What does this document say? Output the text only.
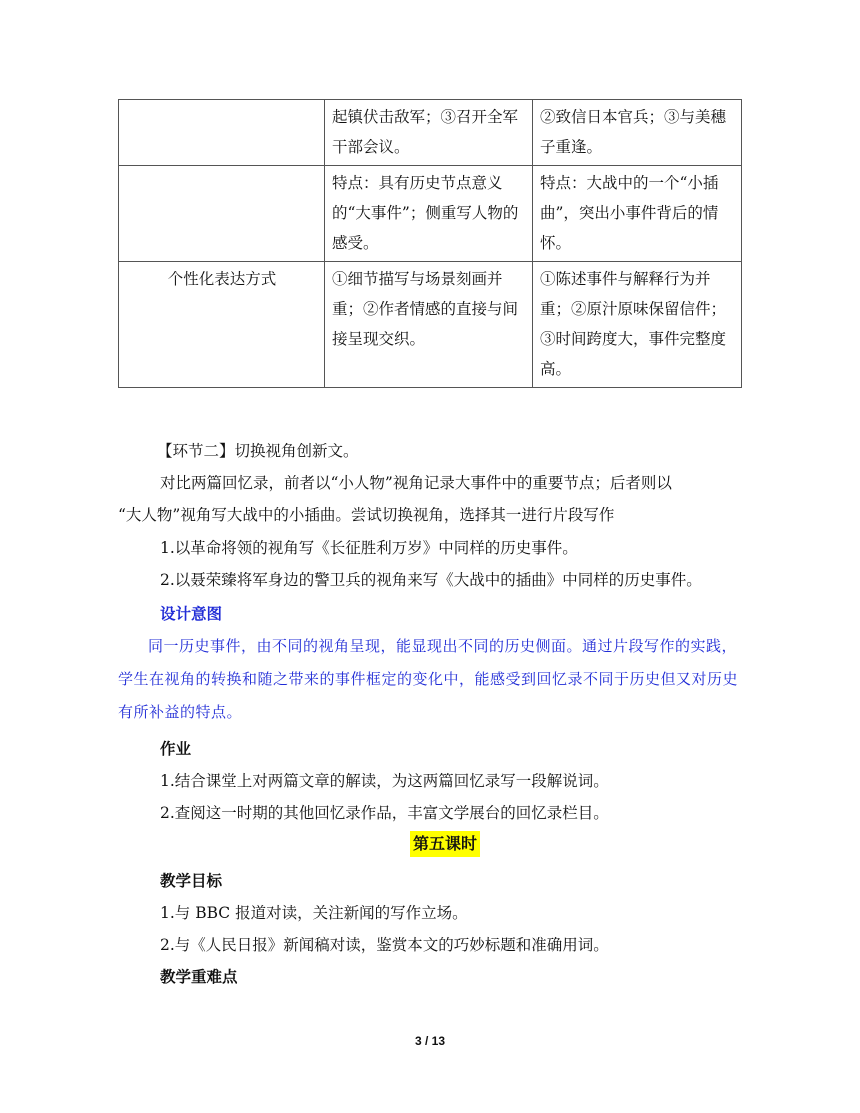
	起镇伏击敌军；③召开全军干部会议。	②致信日本官兵；③与美穗子重逢。
	特点：具有历史节点意义的“大事件”；侧重写人物的感受。	特点：大战中的一个“小插曲”，突出小事件背后的情怀。
个性化表达方式	①细节描写与场景刻画并重；②作者情感的直接与间接呈现交织。	①陈述事件与解释行为并重；②原汁原味保留信件；③时间跨度大，事件完整度高。

【环节二】切换视角创新文。

对比两篇回忆录，前者以“小人物”视角记录大事件中的重要节点；后者则以

“大人物”视角写大战中的小插曲。尝试切换视角，选择其一进行片段写作

1.以革命将领的视角写《长征胜利万岁》中同样的历史事件。

2.以聂荣臻将军身边的警卫兵的视角来写《大战中的插曲》中同样的历史事件。

设计意图

同一历史事件，由不同的视角呈现，能显现出不同的历史侧面。通过片段写作的实践，学生在视角的转换和随之带来的事件框定的变化中，能感受到回忆录不同于历史但又对历史有所补益的特点。

作业

1.结合课堂上对两篇文章的解读，为这两篇回忆录写一段解说词。

2.查阅这一时期的其他回忆录作品，丰富文学展台的回忆录栏目。

第五课时

教学目标

1.与 BBC 报道对读，关注新闻的写作立场。

2.与《人民日报》新闻稿对读，鉴赏本文的巧妙标题和准确用词。

教学重难点

3 / 13
